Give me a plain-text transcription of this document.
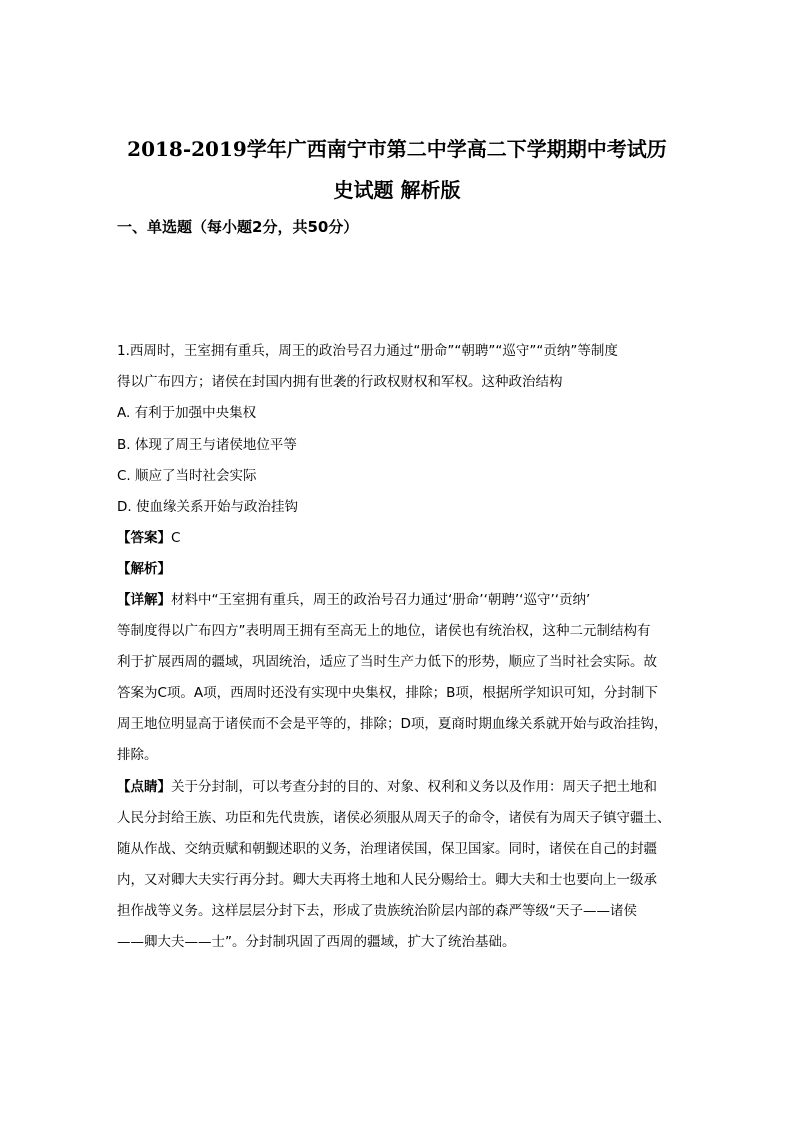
2018-2019学年广西南宁市第二中学高二下学期期中考试历
史试题 解析版
一、单选题（每小题2分，共50分）
1.西周时，王室拥有重兵，周王的政治号召力通过“册命”“朝聘”“巡守”“贡纳”等制度
得以广布四方；诸侯在封国内拥有世袭的行政权财权和军权。这种政治结构
A. 有利于加强中央集权
B. 体现了周王与诸侯地位平等
C. 顺应了当时社会实际
D. 使血缘关系开始与政治挂钩
【答案】C
【解析】
【详解】材料中“王室拥有重兵，周王的政治号召力通过‘册命’‘朝聘’‘巡守’‘贡纳’
等制度得以广布四方”表明周王拥有至高无上的地位，诸侯也有统治权，这种二元制结构有
利于扩展西周的疆域，巩固统治，适应了当时生产力低下的形势，顺应了当时社会实际。故
答案为C项。A项，西周时还没有实现中央集权，排除；B项，根据所学知识可知，分封制下
周王地位明显高于诸侯而不会是平等的，排除；D项，夏商时期血缘关系就开始与政治挂钩，
排除。
【点睛】关于分封制，可以考查分封的目的、对象、权利和义务以及作用：周天子把土地和
人民分封给王族、功臣和先代贵族，诸侯必须服从周天子的命令，诸侯有为周天子镇守疆土、
随从作战、交纳贡赋和朝觐述职的义务，治理诸侯国，保卫国家。同时，诸侯在自己的封疆
内，又对卿大夫实行再分封。卿大夫再将土地和人民分赐给士。卿大夫和士也要向上一级承
担作战等义务。这样层层分封下去，形成了贵族统治阶层内部的森严等级“天子——诸侯
——卿大夫——士”。分封制巩固了西周的疆域，扩大了统治基础。
